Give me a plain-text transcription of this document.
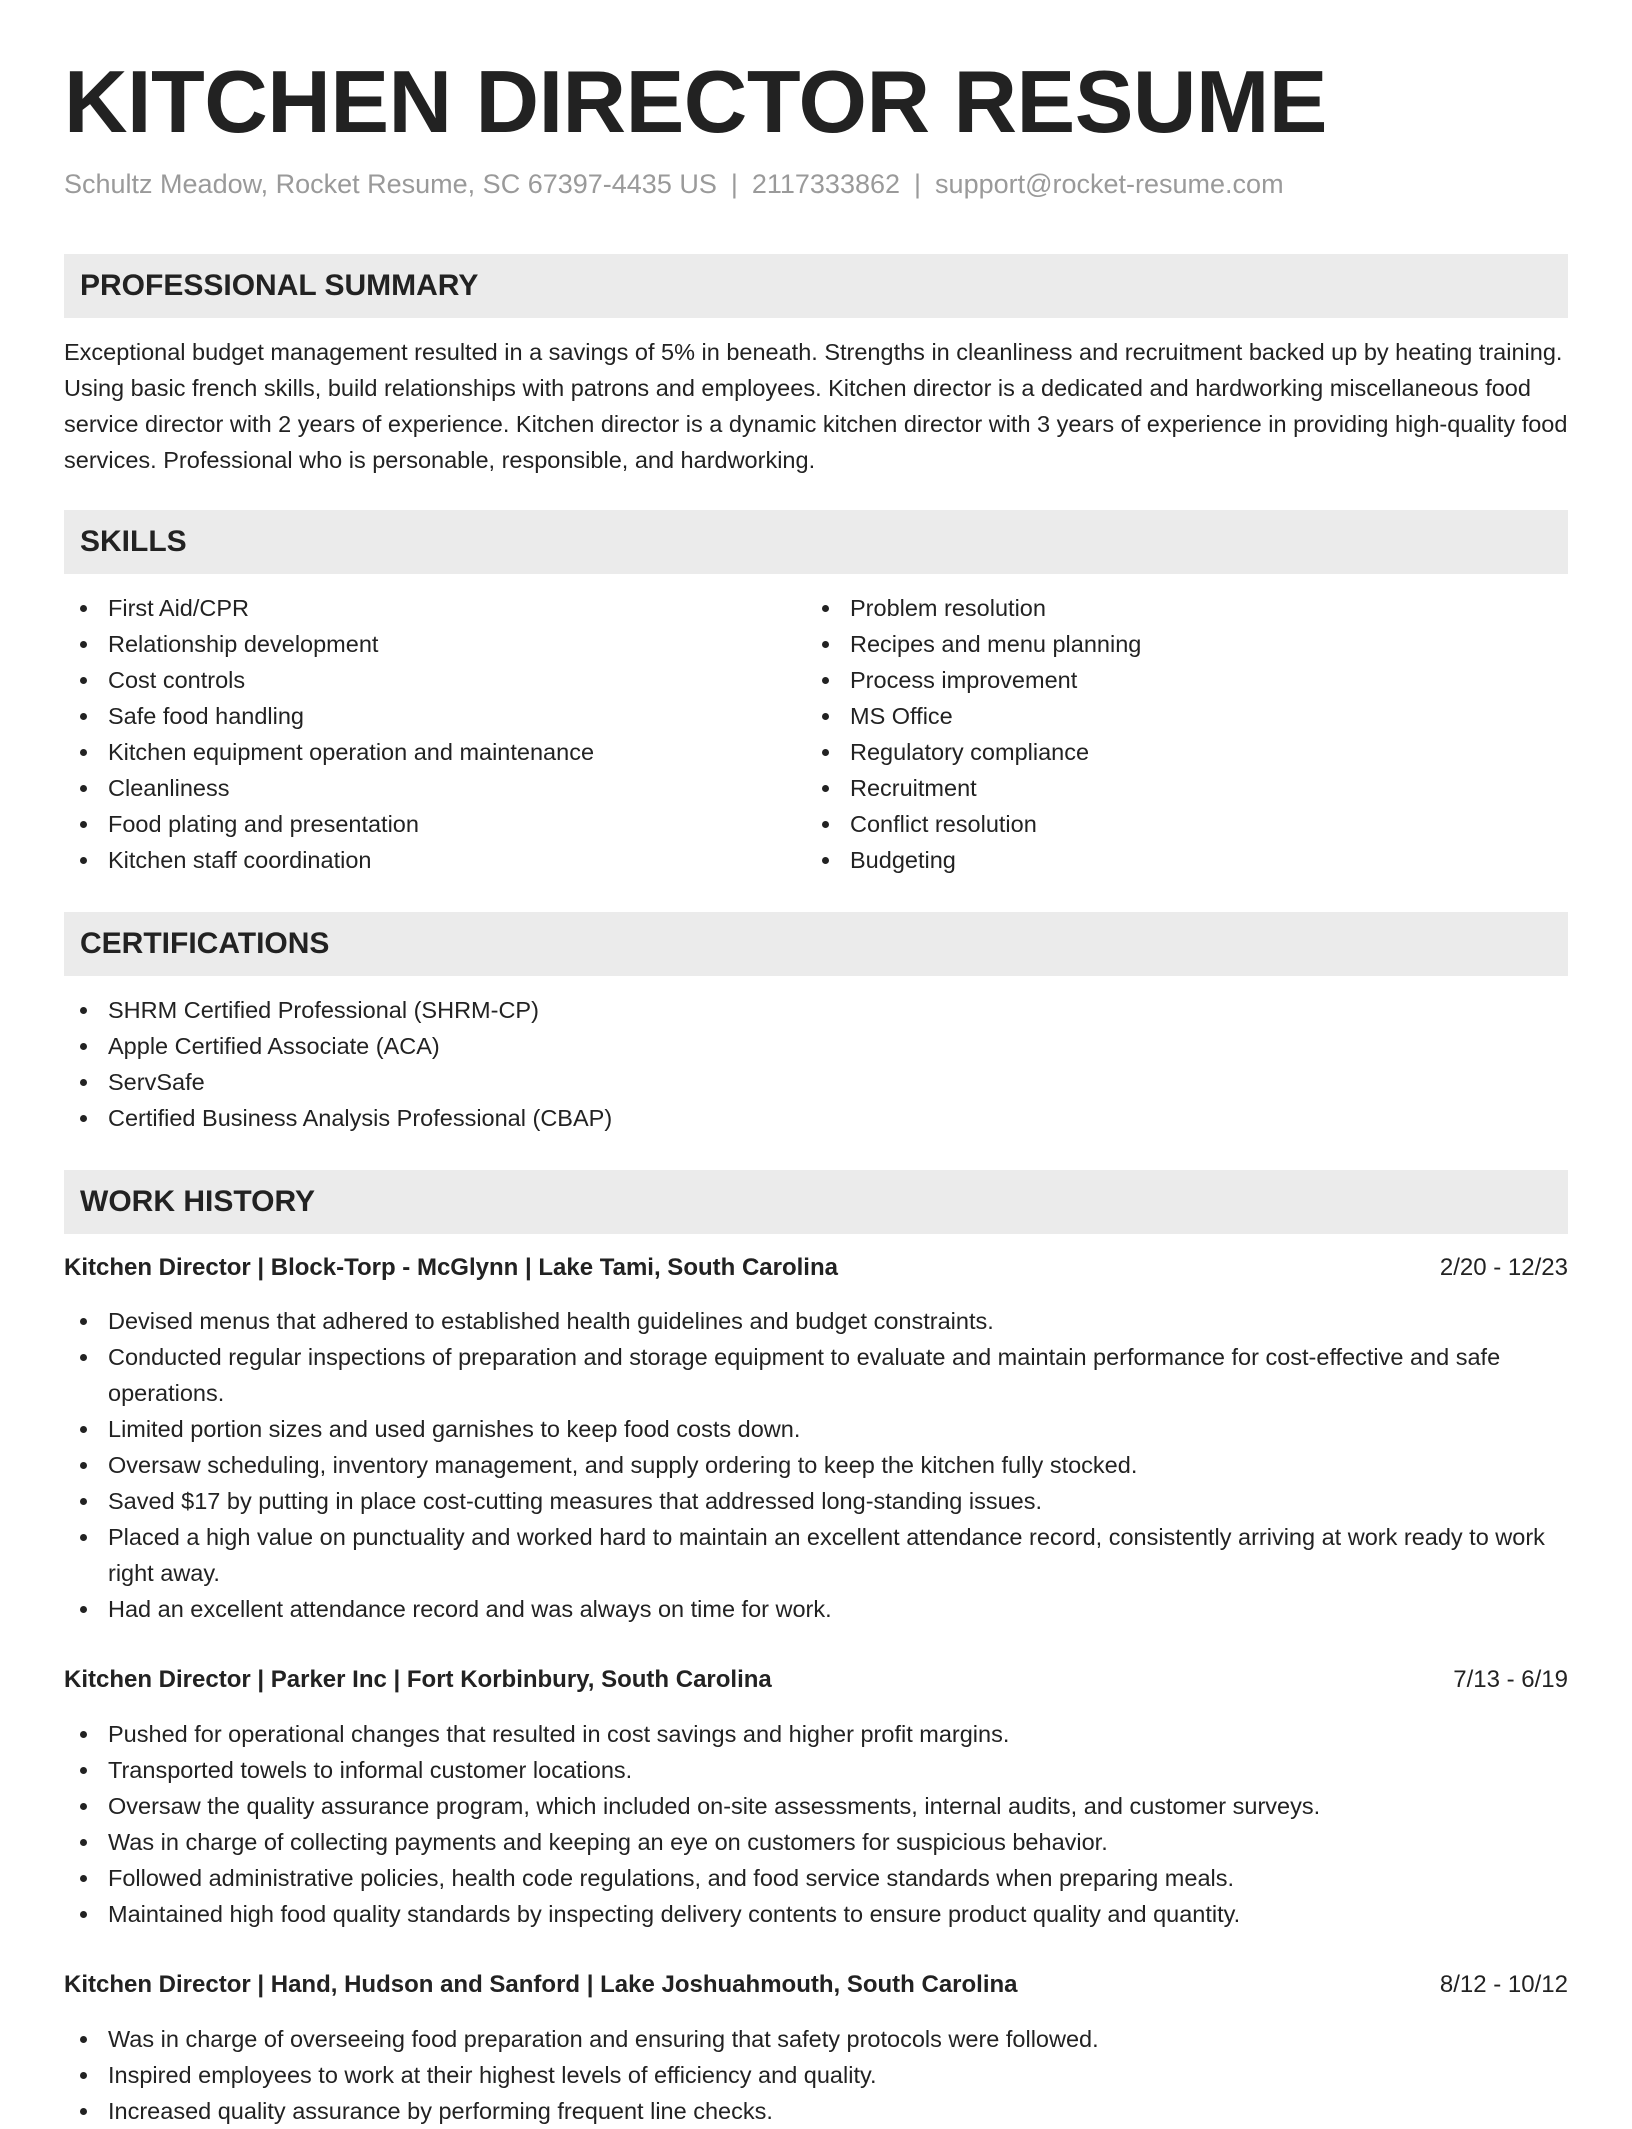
KITCHEN DIRECTOR RESUME
Schultz Meadow, Rocket Resume, SC 67397-4435 US | 2117333862 | support@rocket-resume.com
PROFESSIONAL SUMMARY

Exceptional budget management resulted in a savings of 5% in beneath. Strengths in cleanliness and recruitment backed up by heating training. Using basic french skills, build relationships with patrons and employees. Kitchen director is a dedicated and hardworking miscellaneous food service director with 2 years of experience. Kitchen director is a dynamic kitchen director with 3 years of experience in providing high-quality food services. Professional who is personable, responsible, and hardworking.

SKILLS
First Aid/CPR
Relationship development
Cost controls
Safe food handling
Kitchen equipment operation and maintenance
Cleanliness
Food plating and presentation
Kitchen staff coordination
Problem resolution
Recipes and menu planning
Process improvement
MS Office
Regulatory compliance
Recruitment
Conflict resolution
Budgeting
CERTIFICATIONS
SHRM Certified Professional (SHRM-CP)
Apple Certified Associate (ACA)
ServSafe
Certified Business Analysis Professional (CBAP)
WORK HISTORY
Kitchen Director | Block-Torp - McGlynn | Lake Tami, South Carolina	2/20 - 12/23
Devised menus that adhered to established health guidelines and budget constraints.
Conducted regular inspections of preparation and storage equipment to evaluate and maintain performance for cost-effective and safe operations.
Limited portion sizes and used garnishes to keep food costs down.
Oversaw scheduling, inventory management, and supply ordering to keep the kitchen fully stocked.
Saved $17 by putting in place cost-cutting measures that addressed long-standing issues.
Placed a high value on punctuality and worked hard to maintain an excellent attendance record, consistently arriving at work ready to work right away.
Had an excellent attendance record and was always on time for work.
Kitchen Director | Parker Inc | Fort Korbinbury, South Carolina	7/13 - 6/19
Pushed for operational changes that resulted in cost savings and higher profit margins.
Transported towels to informal customer locations.
Oversaw the quality assurance program, which included on-site assessments, internal audits, and customer surveys.
Was in charge of collecting payments and keeping an eye on customers for suspicious behavior.
Followed administrative policies, health code regulations, and food service standards when preparing meals.
Maintained high food quality standards by inspecting delivery contents to ensure product quality and quantity.
Kitchen Director | Hand, Hudson and Sanford | Lake Joshuahmouth, South Carolina	8/12 - 10/12
Was in charge of overseeing food preparation and ensuring that safety protocols were followed.
Inspired employees to work at their highest levels of efficiency and quality.
Increased quality assurance by performing frequent line checks.
